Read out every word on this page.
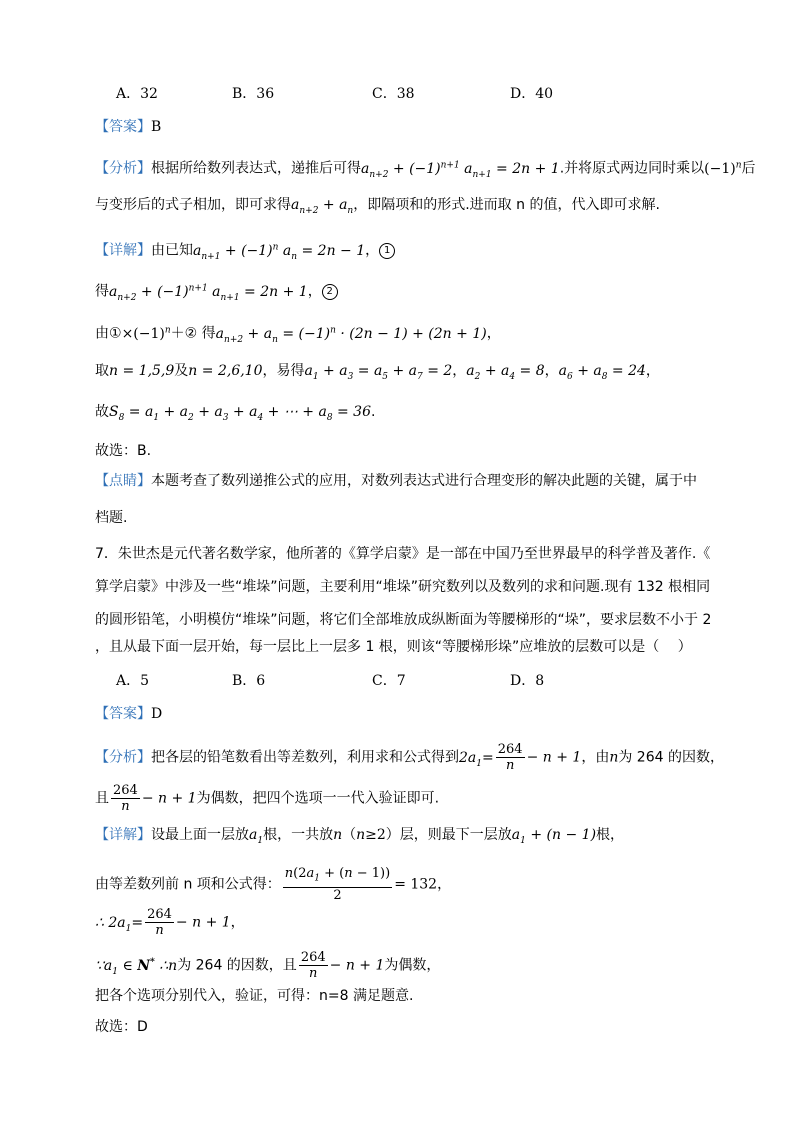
A．32	B．36	C．38	D．40
【答案】B
【分析】根据所给数列表达式，递推后可得$a_{n+2} + (-1)^{n+1}$ $a_{n+1} = 2n + 1$.并将原式两边同时乘以$(-1)^n$后
与变形后的式子相加，即可求得$a_{n+2} + a_n$，即隔项和的形式.进而取 n 的值，代入即可求解.
【详解】由已知$a_{n+1} + (-1)^n$ $a_n = 2n - 1$， 1
得$a_{n+2} + (-1)^{n+1}$ $a_{n+1} = 2n + 1$， 2
由$①\times(-1)^n+②$ 得$a_{n+2} + a_n = (-1)^n \cdot (2n - 1) + (2n + 1)$，
取n = 1,5,9及n = 2,6,10，易得$a_1 + a_3 = a_5 + a_7 = 2$，$a_2 + a_4 = 8$，$a_6 + a_8 = 24$，
故$S_8 = a_1 + a_2 + a_3 + a_4$ + ⋯ + $a_8 = 36$.
故选：B.
【点睛】本题考查了数列递推公式的应用，对数列表达式进行合理变形的解决此题的关键，属于中
档题.
7．朱世杰是元代著名数学家，他所著的《算学启蒙》是一部在中国乃至世界最早的科学普及著作.《
算学启蒙》中涉及一些“堆垛”问题，主要利用“堆垛”研究数列以及数列的求和问题.现有 132 根相同
的圆形铅笔，小明模仿“堆垛”问题，将它们全部堆放成纵断面为等腰梯形的“垛”，要求层数不小于 2
，且从最下面一层开始，每一层比上一层多 1 根，则该“等腰梯形垛”应堆放的层数可以是（　 ）
A．5	B．6	C．7	D．8
【答案】D
【分析】把各层的铅笔数看出等差数列，利用求和公式得到$2a_1= \frac{264}{n} - n + 1$，由n为 264 的因数，
且 $\frac{264}{n} - n + 1$为偶数，把四个选项一一代入验证即可.
【详解】设最上面一层放$a_1$根，一共放n（n≥2）层，则最下一层放$a_1 + (n - 1)$根，
由等差数列前 n 项和公式得： $\frac{n(2a_1 + (n - 1))}{2} = 132$，
∴ $2a_1= \frac{264}{n} - n + 1$，
$\because a_1$ ∈ N* ∴n为 264 的因数，且 $\frac{264}{n} - n + 1$为偶数，
把各个选项分别代入，验证，可得：n=8 满足题意.
故选：D
